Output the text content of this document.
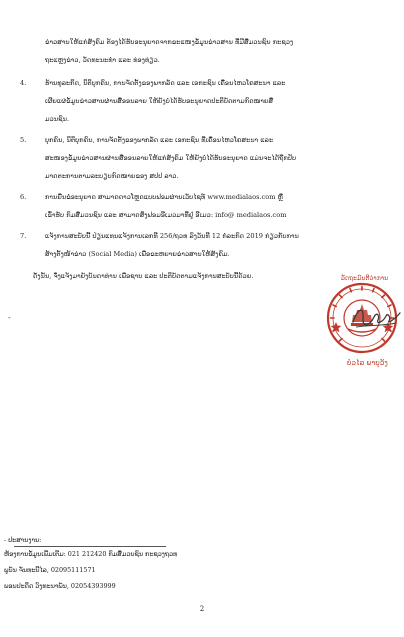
ຂ່າວສານໃຫ້ແກ່ສັງຄົມ ຕ້ອງໄດ້ຮັບອະນຸຍາດຈາກຂະແໜງຂໍ້ມູນຂ່າວສານ ທີ່ມີສື່ມວນຊົນ ກະຊວງ

ຖະແຫຼງຂ່າວ, ວັດທະນະທຳ ແລະ ທ່ອງທ່ຽວ.

4.	ຮ້ານທຸລະກິດ, ນິຕິບຸກຄົນ, ການຈັດຕັ້ງຂອງພາກລັດ ແລະ ເອກະຊົນ ເຄື່ອນໄຫວໂຄສະນາ ແລະ

ເຜີຍແຜ່ຂໍ້ມູນຂ່າວສານຜ່ານສື່ອອນລາຍ ໃຫ້ຍັງບໍ່ໄດ້ຮັບອະນຸຍາດປະຕິບັດຕາມກົດໝາຍສື່

ມວນຊົນ.

5.	ບຸກຄົນ, ນິຕິບຸກຄົນ, ການຈັດຕັ້ງຂອງພາກລັດ ແລະ ເອກະຊົນ ທີ່ເຄື່ອນໄຫວໂຄສະນາ ແລະ

ສະໜອງຂໍ້ມູນຂ່າວສານຜ່ານສື່ອອນລາຍໃຫ້ແກ່ສັງຄົມ ໃຫ້ຍັງບໍ່ໄດ້ຮັບອະນຸຍາດ ແມ່ນຈະໄດ້ຖືກປັບ

ມາດຕະການຕາມລະບຽບກົດໝາຍຂອງ ສປປ ລາວ.

6.	ການຍື່ນຂໍອະນຸຍາດ ສາມາດດາວໂຫຼດແບບຟອມຜ່ານເວັບໄຊທ໌ www.medialaos.com ຫຼື

ເຂົ້າຮັບ ກົມສື່ມວນຊົນ ແລະ ສາມາດສົ່ງຟອມອີເມວມາທີ່ຢູ່ ອີເມວ: info@ medialaos.com

7.	ແຈ້ງການສະບັບນີ້ ປ່ຽນແທນແຈ້ງການເລກທີ 256/ຖວທ ລົງວັນທີ 12 ກໍລະກົດ 2019 ກ່ຽວກັບການ

ສ້າງຕັ້ງໜ້າຂ່າວ (Social Media) ເພື່ອຂະຫຍາຍຂ່າວສານໃຫ້ສັງຄົມ.

ດັ່ງນັ້ນ, ຈຶ່ງແຈ້ງມາຍັງບັນດາທ່ານ ເພື່ອຊາບ ແລະ ປະຕິບັດຕາມແຈ້ງການສະບັບນີ້ດ້ວຍ.

-
ລັດຖະມົນຕີວ່າການ
ບໍວໄລ ພາບຸວັງ
- ປະສານງານ:
ຫ້ອງການຂໍ້ມູນເພີ່ມເຕີມ: 021 212420 ກົມສື່ມວນຊົນ ກະຊວງຖວທ
ພູນັນ ຈັນທະນີໄລ, 02095111571
ພອນປະດິດ ວົງທະນາພັນ, 02054393999
2
